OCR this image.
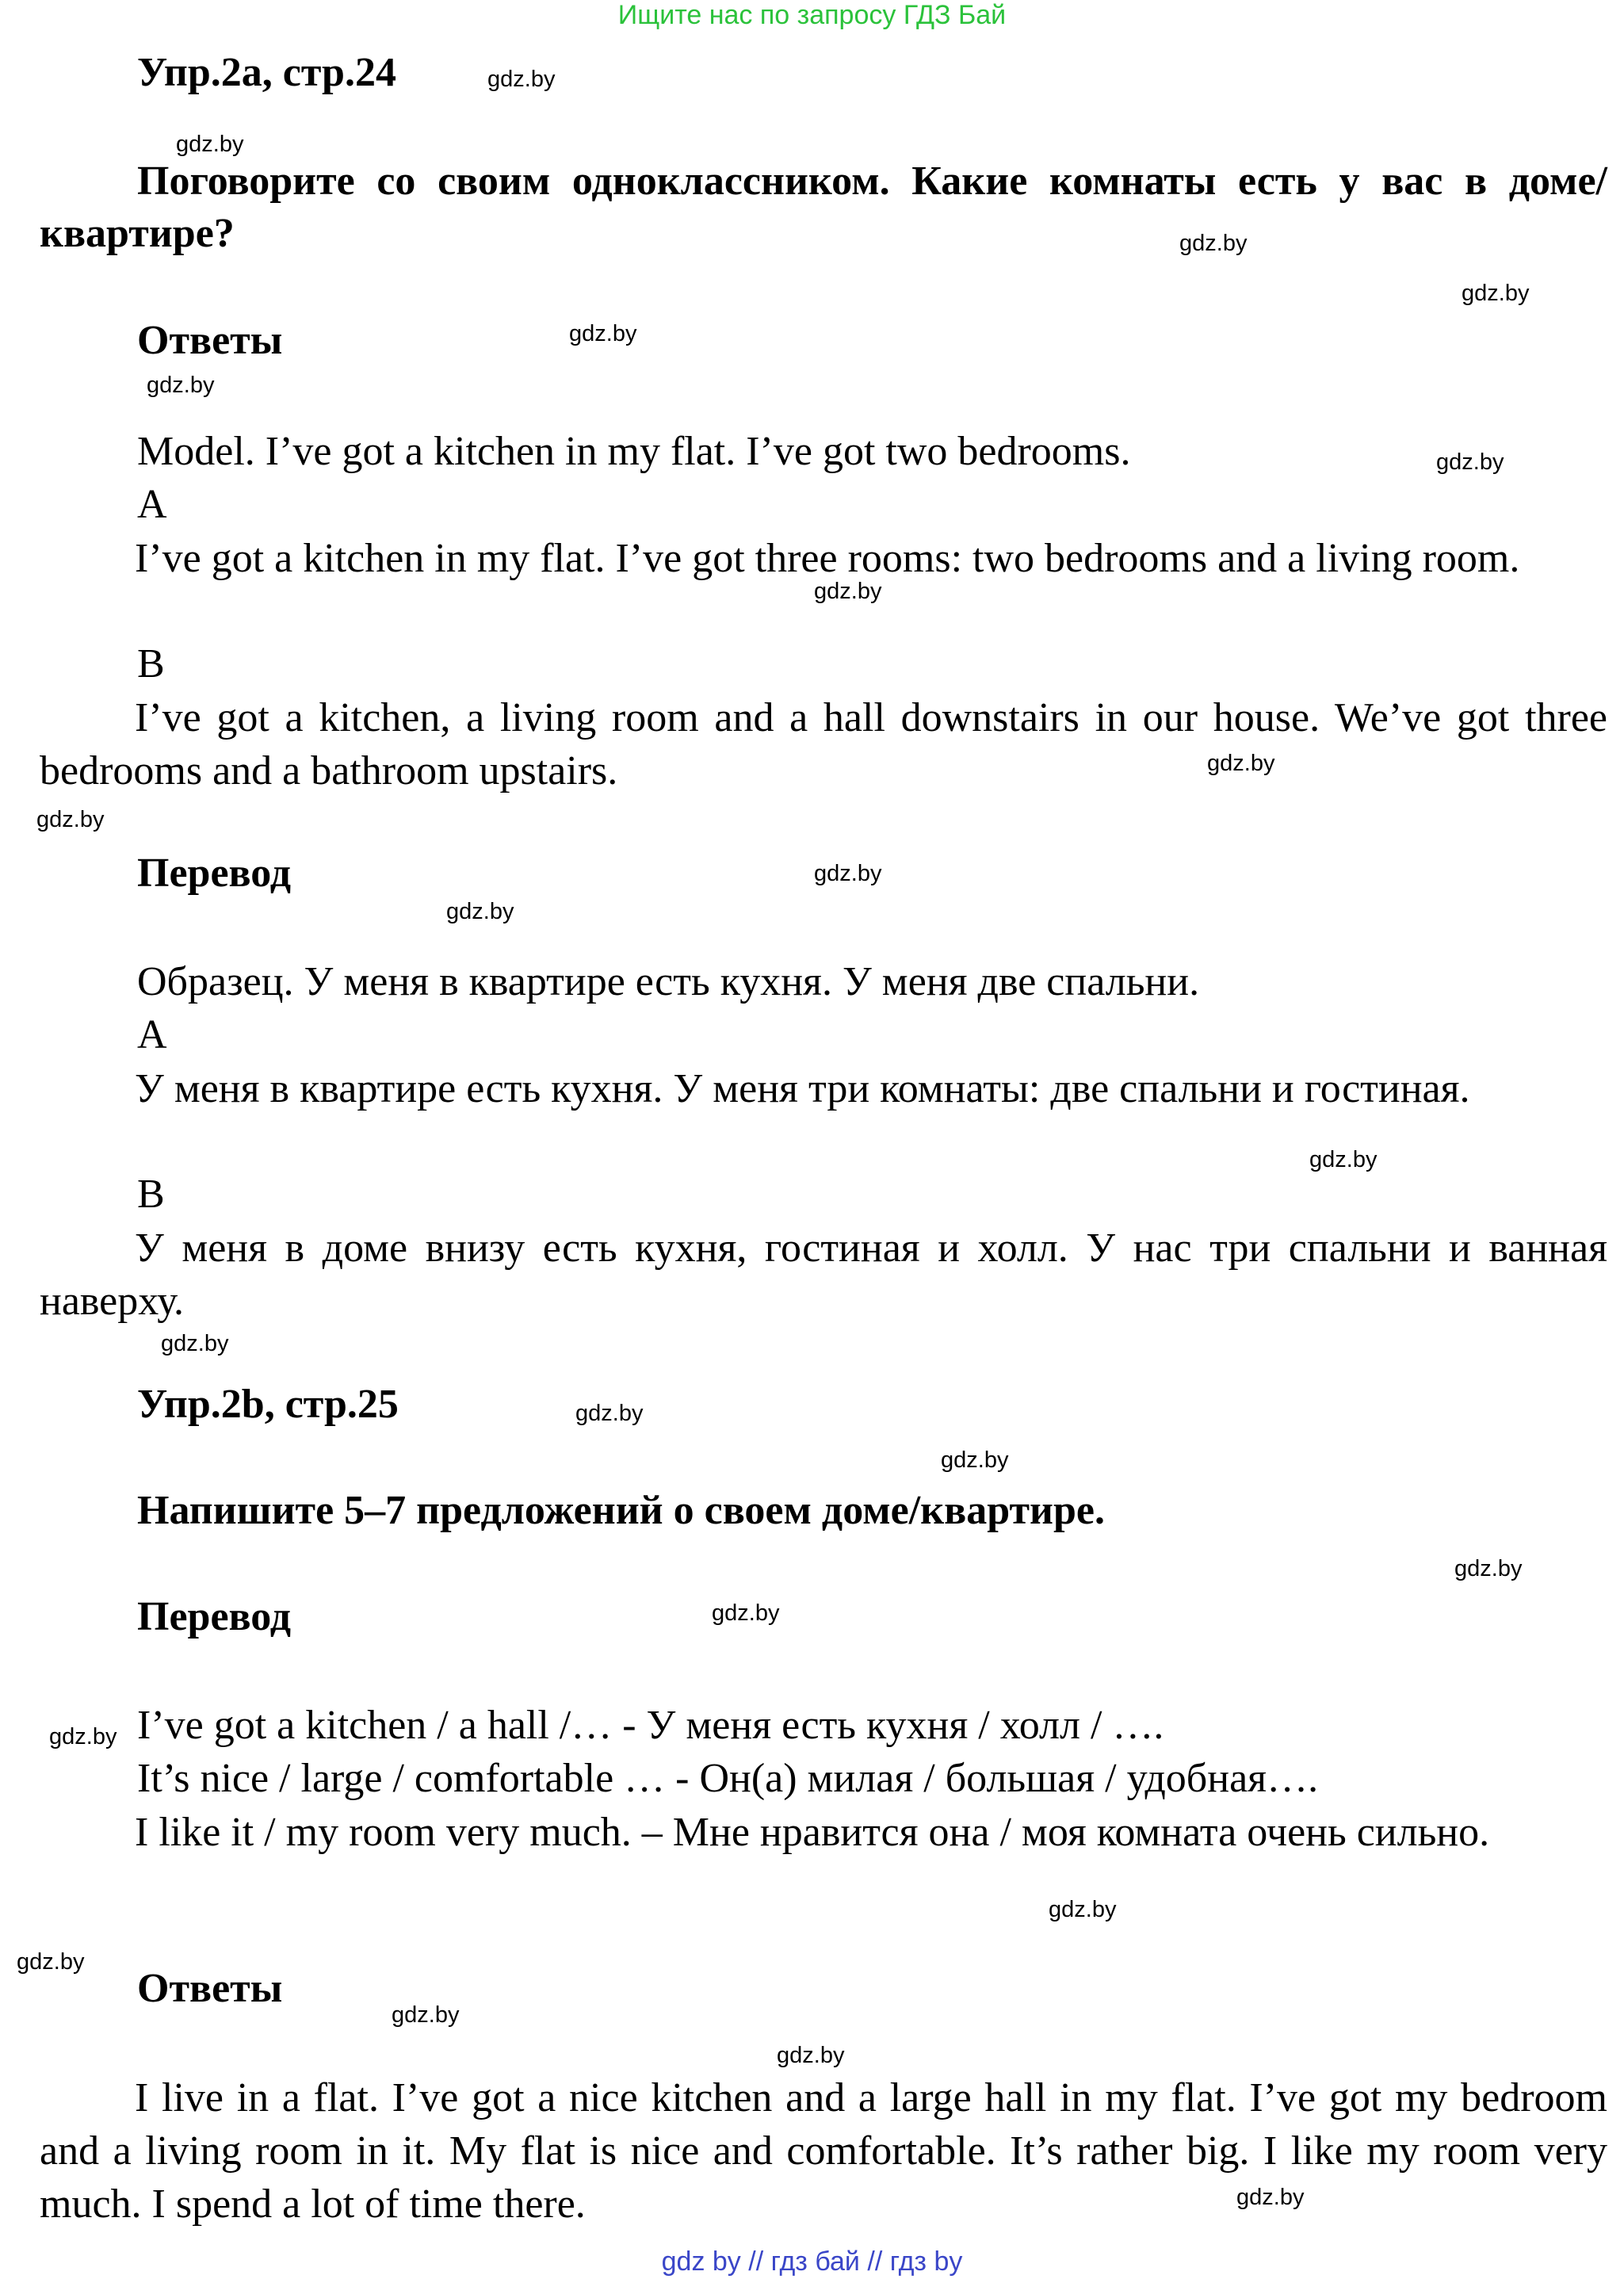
Ищите нас по запросу ГДЗ Бай
Упр.2a, стр.24
Поговорите со своим одноклассником. Какие комнаты есть у вас в доме/квартире?
Ответы
Model. I’ve got a kitchen in my flat. I’ve got two bedrooms.
A
I’ve got a kitchen in my flat. I’ve got three rooms: two bedrooms and a living room.
B
I’ve got a kitchen, a living room and a hall downstairs in our house. We’ve got three bedrooms and a bathroom upstairs.
Перевод
Образец. У меня в квартире есть кухня. У меня две спальни.
A
У меня в квартире есть кухня. У меня три комнаты: две спальни и гостиная.
B
У меня в доме внизу есть кухня, гостиная и холл. У нас три спальни и ванная наверху.
Упр.2b, стр.25
Напишите 5–7 предложений о своем доме/квартире.
Перевод
I’ve got a kitchen / a hall /… - У меня есть кухня / холл / ….
It’s nice / large / comfortable … - Он(а) милая / большая / удобная….
I like it / my room very much. – Мне нравится она / моя комната очень сильно.
Ответы
I live in a flat. I’ve got a nice kitchen and a large hall in my flat. I’ve got my bedroom and a living room in it. My flat is nice and comfortable. It’s rather big. I like my room very much. I spend a lot of time there.
gdz.by
gdz.by
gdz.by
gdz.by
gdz.by
gdz.by
gdz.by
gdz.by
gdz.by
gdz.by
gdz.by
gdz.by
gdz.by
gdz.by
gdz.by
gdz.by
gdz.by
gdz.by
gdz.by
gdz.by
gdz.by
gdz.by
gdz.by
gdz.by
gdz by // гдз бай // гдз by
